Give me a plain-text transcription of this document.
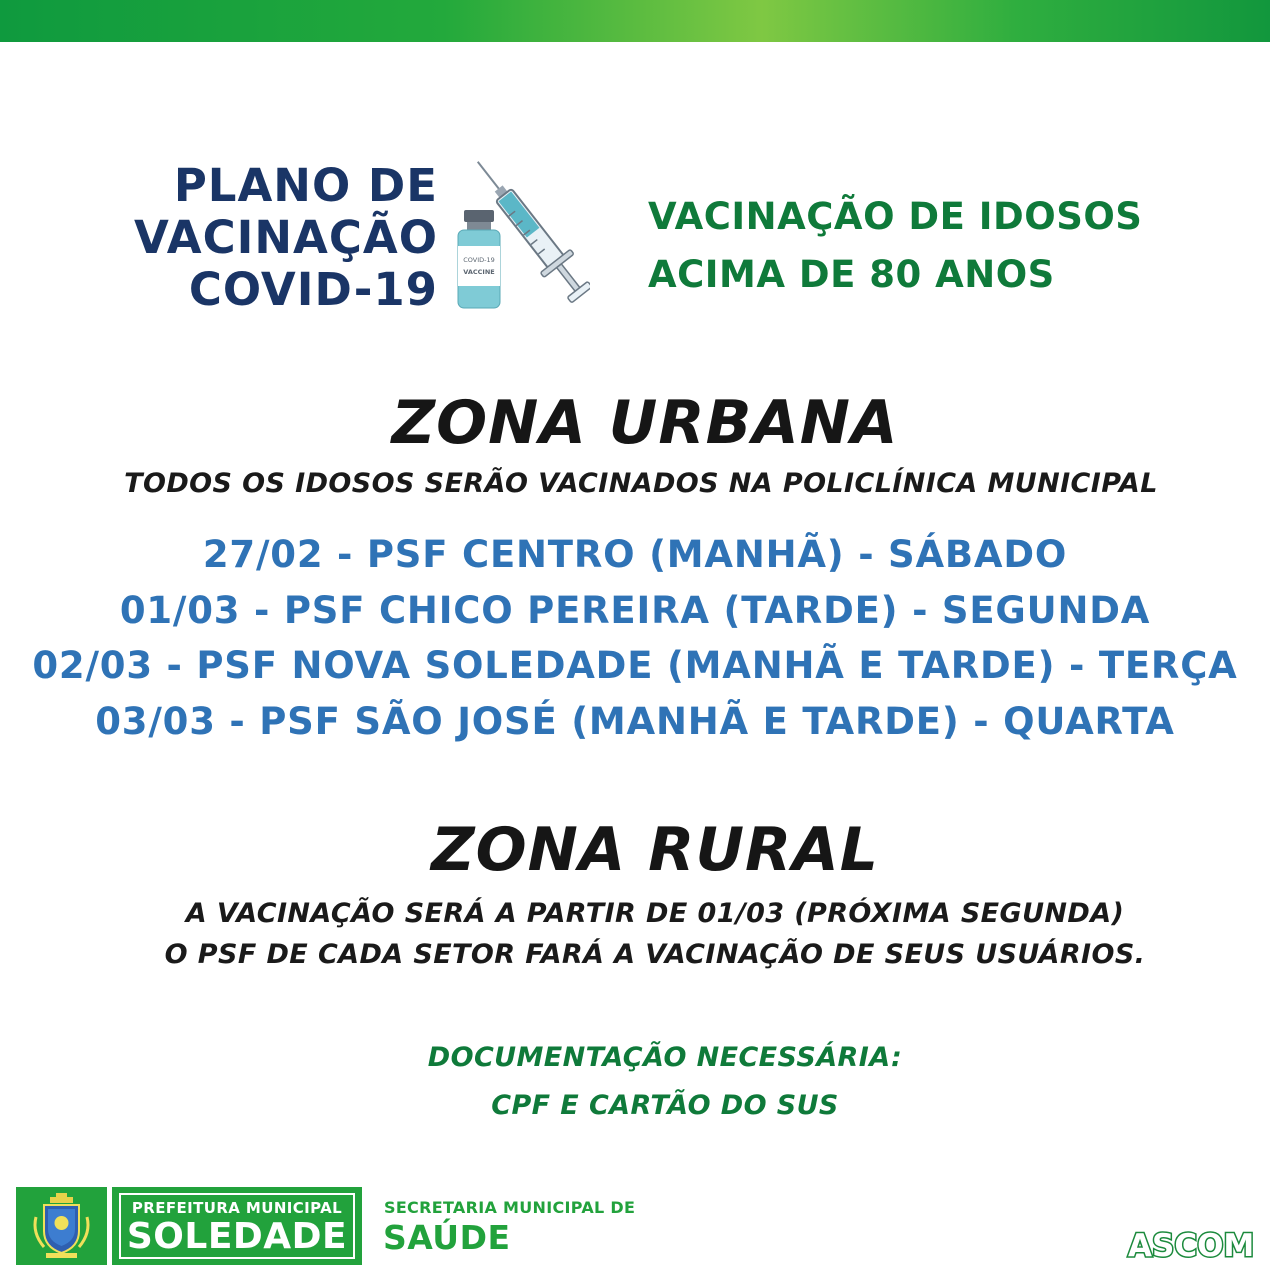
PLANO DE
VACINAÇÃO
COVID-19
COVID-19
VACCINE
VACINAÇÃO DE IDOSOS
ACIMA DE 80 ANOS
ZONA URBANA
TODOS OS IDOSOS SERÃO VACINADOS NA POLICLÍNICA MUNICIPAL
27/02 - PSF CENTRO (MANHÃ) - SÁBADO
01/03 - PSF CHICO PEREIRA (TARDE) - SEGUNDA
02/03 - PSF NOVA SOLEDADE (MANHÃ E TARDE) - TERÇA
03/03 - PSF SÃO JOSÉ (MANHÃ E TARDE) - QUARTA
ZONA RURAL
A VACINAÇÃO SERÁ A PARTIR DE 01/03 (PRÓXIMA SEGUNDA)
O PSF DE CADA SETOR FARÁ A VACINAÇÃO DE SEUS USUÁRIOS.
DOCUMENTAÇÃO NECESSÁRIA:
CPF E CARTÃO DO SUS
PREFEITURA MUNICIPAL
SOLEDADE
SECRETARIA MUNICIPAL DE
SAÚDE	ASCOM
